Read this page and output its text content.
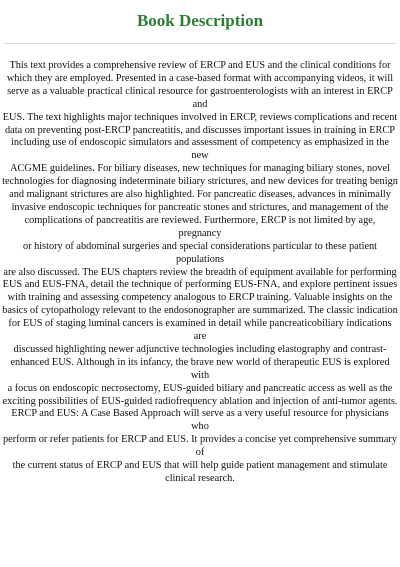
Book Description

This text provides a comprehensive review of ERCP and EUS and the clinical conditions for
which they are employed. Presented in a case-based format with accompanying videos, it will
serve as a valuable practical clinical resource for gastroenterologists with an interest in ERCP and
EUS. The text highlights major techniques involved in ERCP, reviews complications and recent
data on preventing post-ERCP pancreatitis, and discusses important issues in training in ERCP
including use of endoscopic simulators and assessment of competency as emphasized in the new
ACGME guidelines. For biliary diseases, new techniques for managing biliary stones, novel
technologies for diagnosing indeterminate biliary strictures, and new devices for treating benign
and malignant strictures are also highlighted. For pancreatic diseases, advances in minimally
invasive endoscopic techniques for pancreatic stones and strictures, and management of the
complications of pancreatitis are reviewed. Furthermore, ERCP is not limited by age, pregnancy
or history of abdominal surgeries and special considerations particular to these patient populations
are also discussed. The EUS chapters review the breadth of equipment available for performing
EUS and EUS-FNA, detail the technique of performing EUS-FNA, and explore pertinent issues
with training and assessing competency analogous to ERCP training. Valuable insights on the
basics of cytopathology relevant to the endosonographer are summarized. The classic indication
for EUS of staging luminal cancers is examined in detail while pancreaticobiliary indications are
discussed highlighting newer adjunctive technologies including elastography and contrast-
enhanced EUS. Although in its infancy, the brave new world of therapeutic EUS is explored with
a focus on endoscopic necrosectomy, EUS-guided biliary and pancreatic access as well as the
exciting possibilities of EUS-guided radiofrequency ablation and injection of anti-tumor agents.
ERCP and EUS: A Case Based Approach will serve as a very useful resource for physicians who
perform or refer patients for ERCP and EUS. It provides a concise yet comprehensive summary of
the current status of ERCP and EUS that will help guide patient management and stimulate
clinical research.
